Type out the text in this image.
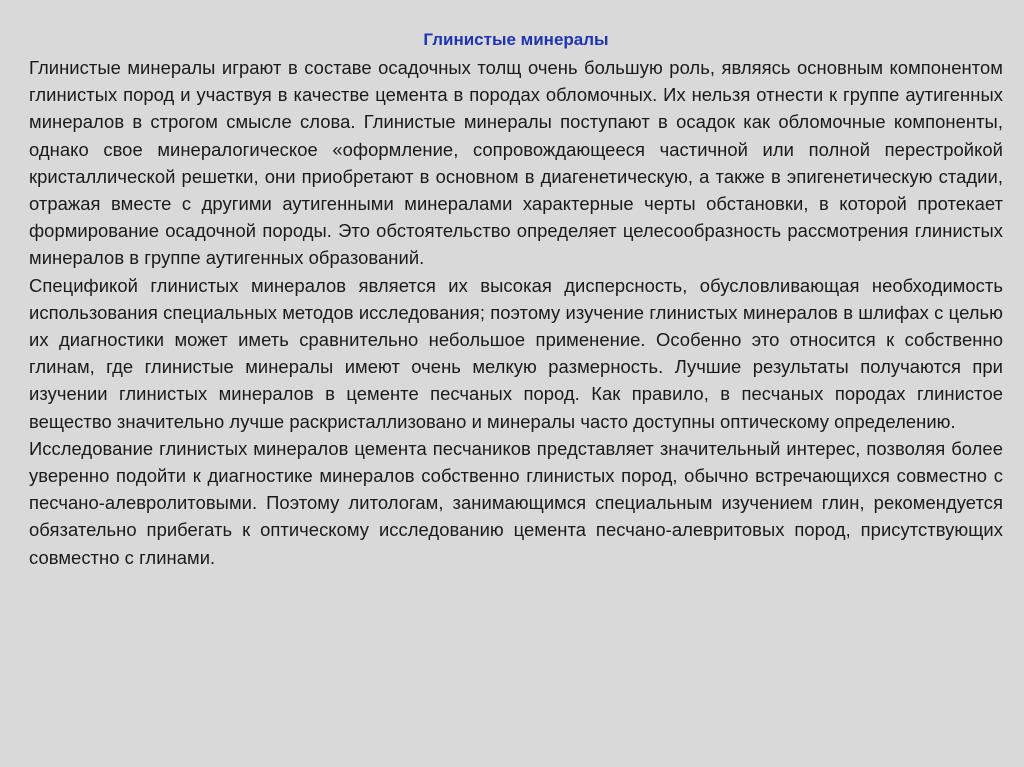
Глинистые минералы

Глинистые минералы играют в составе осадочных толщ очень большую роль, являясь основным компонентом глинистых пород и участвуя в качестве цемента в породах обломочных. Их нельзя отнести к группе аутигенных минералов в строгом смысле слова. Глинистые минералы поступают в осадок как обломочные компоненты, однако свое минералогическое «оформление, сопровождающееся частичной или полной перестройкой кристаллической решетки, они приобретают в основном в диагенетическую, а также в эпигенетическую стадии, отражая вместе с другими аутигенными минералами характерные черты обстановки, в которой протекает формирование осадочной породы. Это обстоятельство определяет целесообразность рассмотрения глинистых минералов в группе аутигенных образований.

Спецификой глинистых минералов является их высокая дисперсность, обусловливающая необходимость использования специальных методов исследования; поэтому изучение глинистых минералов в шлифах с целью их диагностики может иметь сравнительно небольшое применение. Особенно это относится к собственно глинам, где глинистые минералы имеют очень мелкую размерность. Лучшие результаты получаются при изучении глинистых минералов в цементе песчаных пород. Как правило, в песчаных породах глинистое вещество значительно лучше раскристаллизовано и минералы часто доступны оптическому определению.

Исследование глинистых минералов цемента песчаников представляет значительный интерес, позволяя более уверенно подойти к диагностике минералов собственно глинистых пород, обычно встречающихся совместно с песчано-алевролитовыми. Поэтому литологам, занимающимся специальным изучением глин, рекомендуется обязательно прибегать к оптическому исследованию цемента песчано-алевритовых пород, присутствующих совместно с глинами.
